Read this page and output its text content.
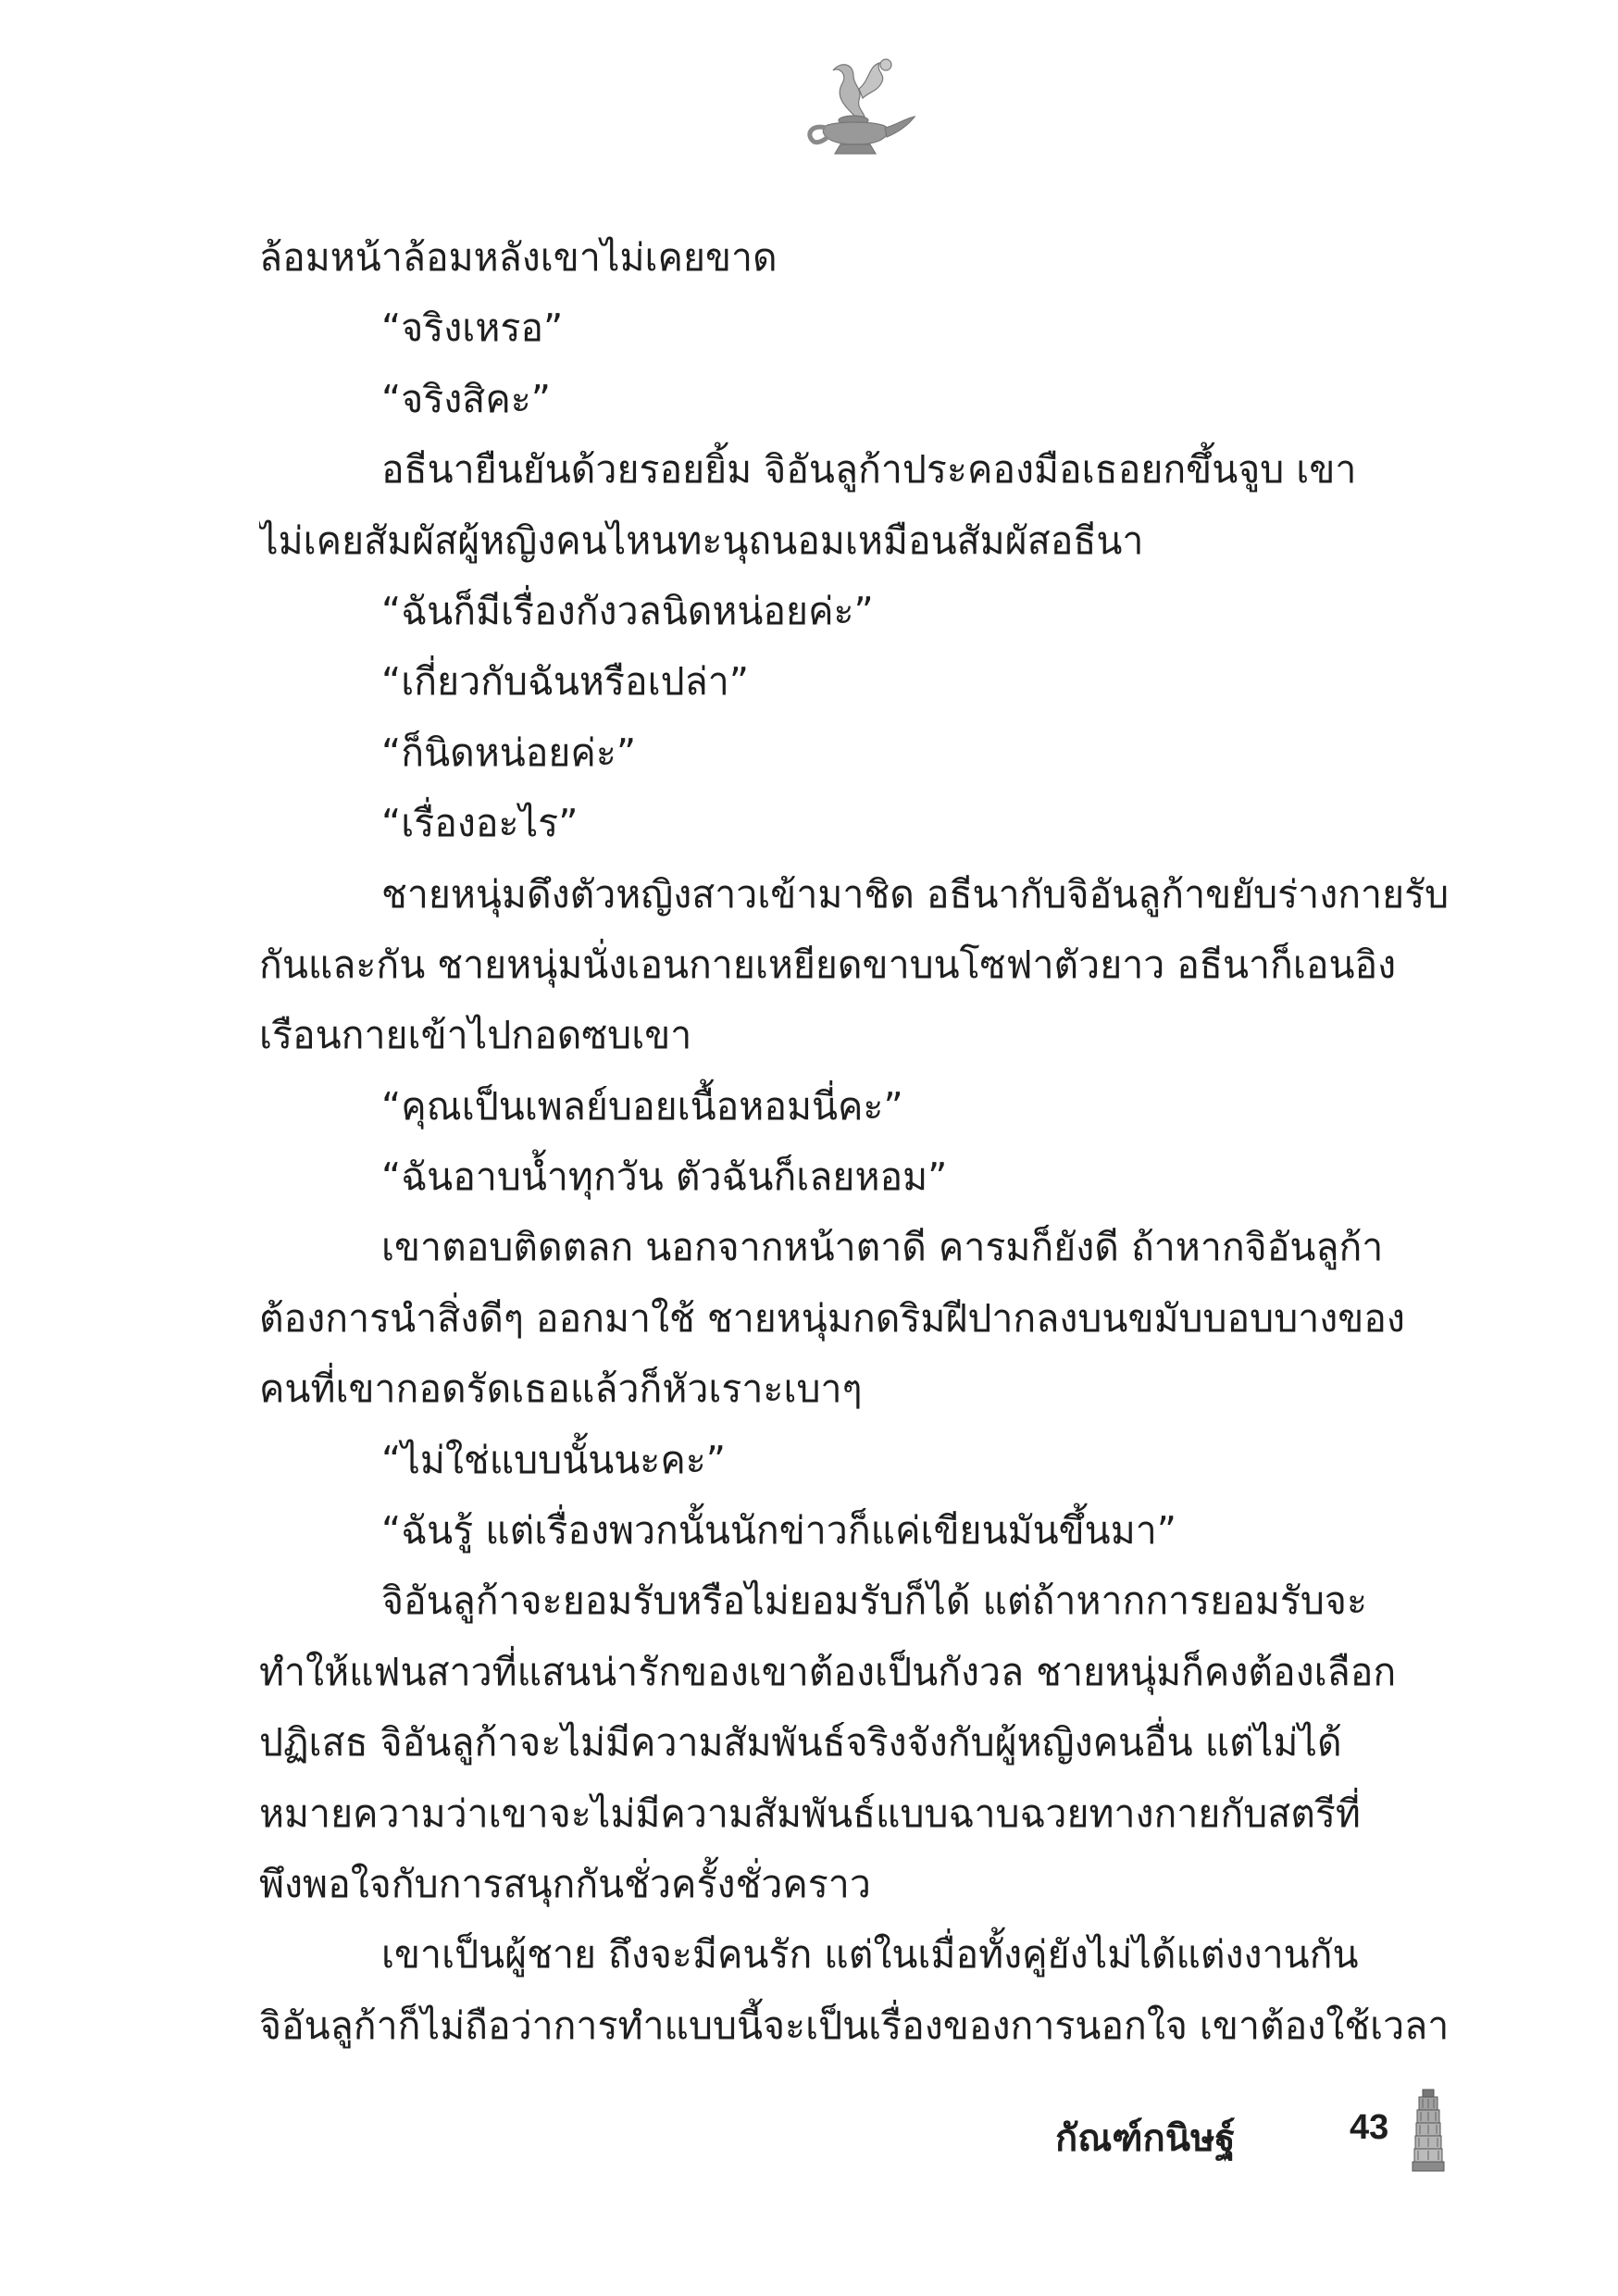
ล้อมหน้าล้อมหลังเขาไม่เคยขาด
“จริงเหรอ”
“จริงสิคะ”
อธีนายืนยันด้วยรอยยิ้ม จิอันลูก้าประคองมือเธอยกขึ้นจูบ เขา
ไม่เคยสัมผัสผู้หญิงคนไหนทะนุถนอมเหมือนสัมผัสอธีนา
“ฉันก็มีเรื่องกังวลนิดหน่อยค่ะ”
“เกี่ยวกับฉันหรือเปล่า”
“ก็นิดหน่อยค่ะ”
“เรื่องอะไร”
ชายหนุ่มดึงตัวหญิงสาวเข้ามาชิด อธีนากับจิอันลูก้าขยับร่างกายรับ
กันและกัน ชายหนุ่มนั่งเอนกายเหยียดขาบนโซฟาตัวยาว อธีนาก็เอนอิง
เรือนกายเข้าไปกอดซบเขา
“คุณเป็นเพลย์บอยเนื้อหอมนี่คะ”
“ฉันอาบน้ำทุกวัน ตัวฉันก็เลยหอม”
เขาตอบติดตลก นอกจากหน้าตาดี คารมก็ยังดี ถ้าหากจิอันลูก้า
ต้องการนำสิ่งดีๆ ออกมาใช้ ชายหนุ่มกดริมฝีปากลงบนขมับบอบบางของ
คนที่เขากอดรัดเธอแล้วก็หัวเราะเบาๆ
“ไม่ใช่แบบนั้นนะคะ”
“ฉันรู้ แต่เรื่องพวกนั้นนักข่าวก็แค่เขียนมันขึ้นมา”
จิอันลูก้าจะยอมรับหรือไม่ยอมรับก็ได้ แต่ถ้าหากการยอมรับจะ
ทำให้แฟนสาวที่แสนน่ารักของเขาต้องเป็นกังวล ชายหนุ่มก็คงต้องเลือก
ปฏิเสธ จิอันลูก้าจะไม่มีความสัมพันธ์จริงจังกับผู้หญิงคนอื่น แต่ไม่ได้
หมายความว่าเขาจะไม่มีความสัมพันธ์แบบฉาบฉวยทางกายกับสตรีที่
พึงพอใจกับการสนุกกันชั่วครั้งชั่วคราว
เขาเป็นผู้ชาย ถึงจะมีคนรัก แต่ในเมื่อทั้งคู่ยังไม่ได้แต่งงานกัน
จิอันลูก้าก็ไม่ถือว่าการทำแบบนี้จะเป็นเรื่องของการนอกใจ เขาต้องใช้เวลา
กัณฑ์กนิษฐ์	43
